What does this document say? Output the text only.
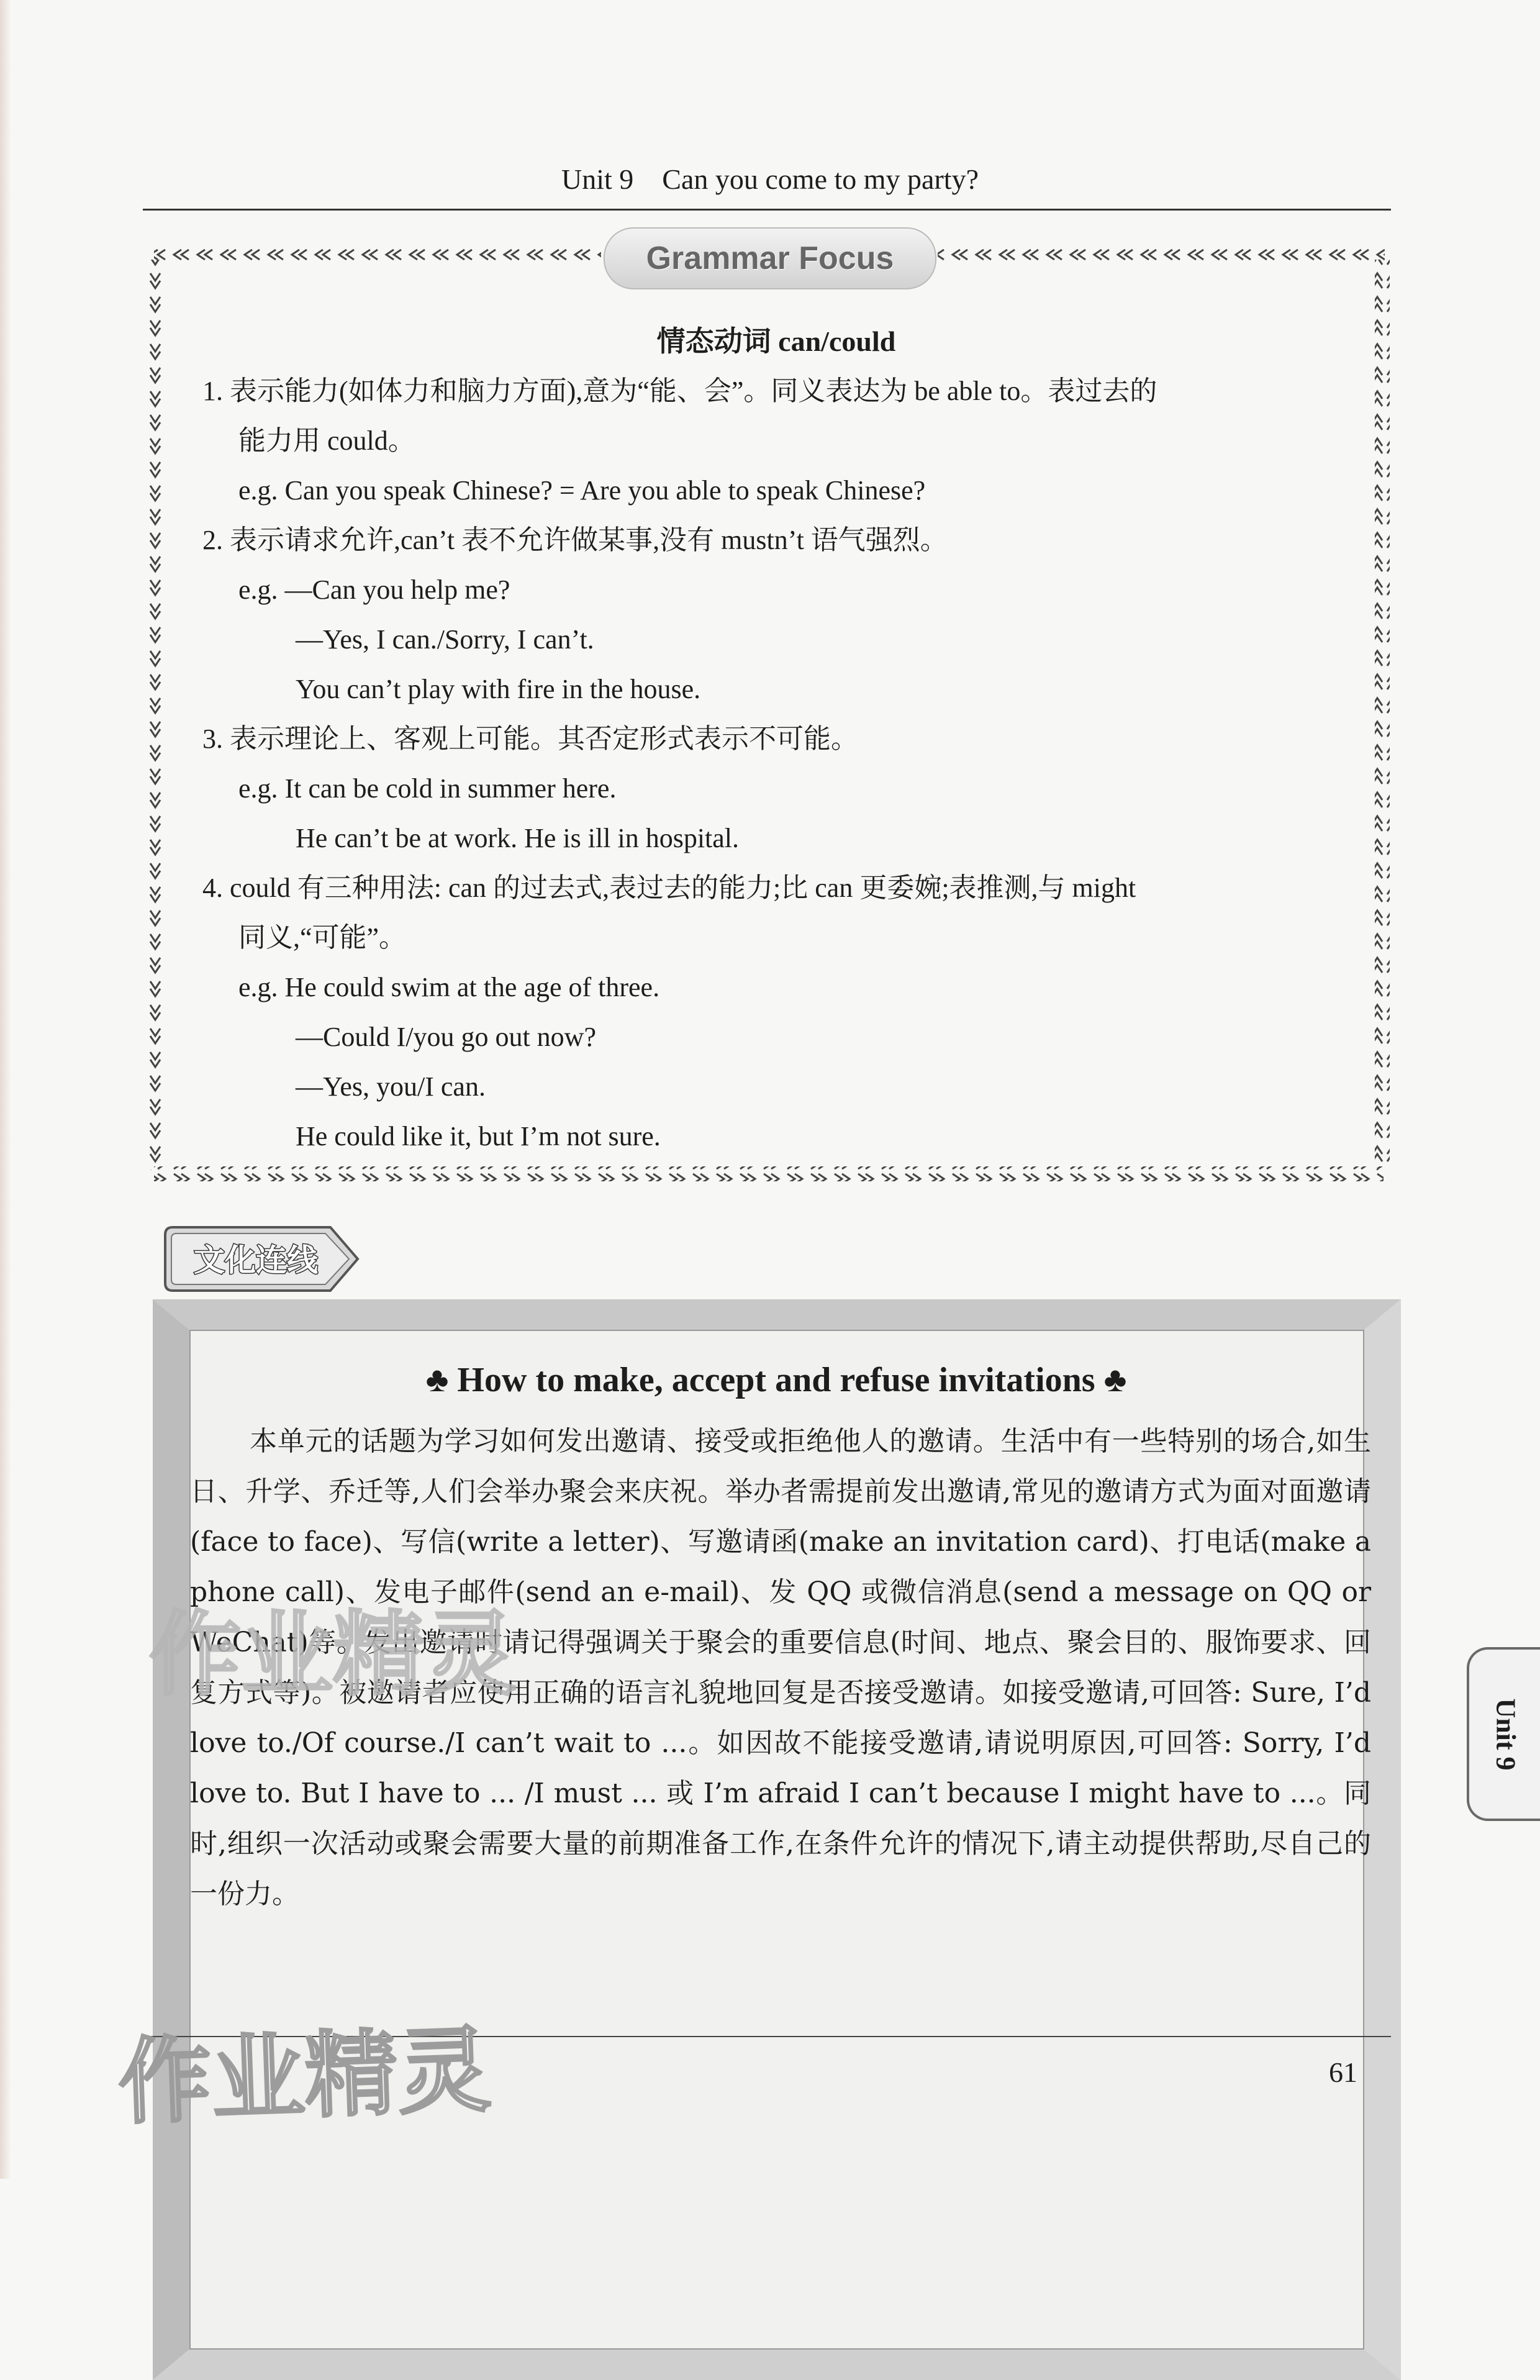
Unit 9 Can you come to my party?
Grammar Focus

情态动词 can/could

1. 表示能力(如体力和脑力方面),意为“能、会”。同义表达为 be able to。表过去的

能力用 could。

e.g. Can you speak Chinese? = Are you able to speak Chinese?

2. 表示请求允许,can’t 表不允许做某事,没有 mustn’t 语气强烈。

e.g. —Can you help me?

—Yes, I can./Sorry, I can’t.

You can’t play with fire in the house.

3. 表示理论上、客观上可能。其否定形式表示不可能。

e.g. It can be cold in summer here.

He can’t be at work. He is ill in hospital.

4. could 有三种用法: can 的过去式,表过去的能力;比 can 更委婉;表推测,与 might

同义,“可能”。

e.g. He could swim at the age of three.

—Could I/you go out now?

—Yes, you/I can.

He could like it, but I’m not sure.

文化连线
♣ How to make, accept and refuse invitations ♣

本单元的话题为学习如何发出邀请、接受或拒绝他人的邀请。生活中有一些特别的场合,如生日、升学、乔迁等,人们会举办聚会来庆祝。举办者需提前发出邀请,常见的邀请方式为面对面邀请(face to face)、写信(write a letter)、写邀请函(make an invitation card)、打电话(make a phone call)、发电子邮件(send an e-mail)、发 QQ 或微信消息(send a message on QQ or WeChat)等。发出邀请时请记得强调关于聚会的重要信息(时间、地点、聚会目的、服饰要求、回复方式等)。被邀请者应使用正确的语言礼貌地回复是否接受邀请。如接受邀请,可回答: Sure, I’d love to./Of course./I can’t wait to ...。如因故不能接受邀请,请说明原因,可回答: Sorry, I’d love to. But I have to ... /I must ... 或 I’m afraid I can’t because I might have to ...。同时,组织一次活动或聚会需要大量的前期准备工作,在条件允许的情况下,请主动提供帮助,尽自己的一份力。

作业精灵
Unit 9
61
作业精灵
